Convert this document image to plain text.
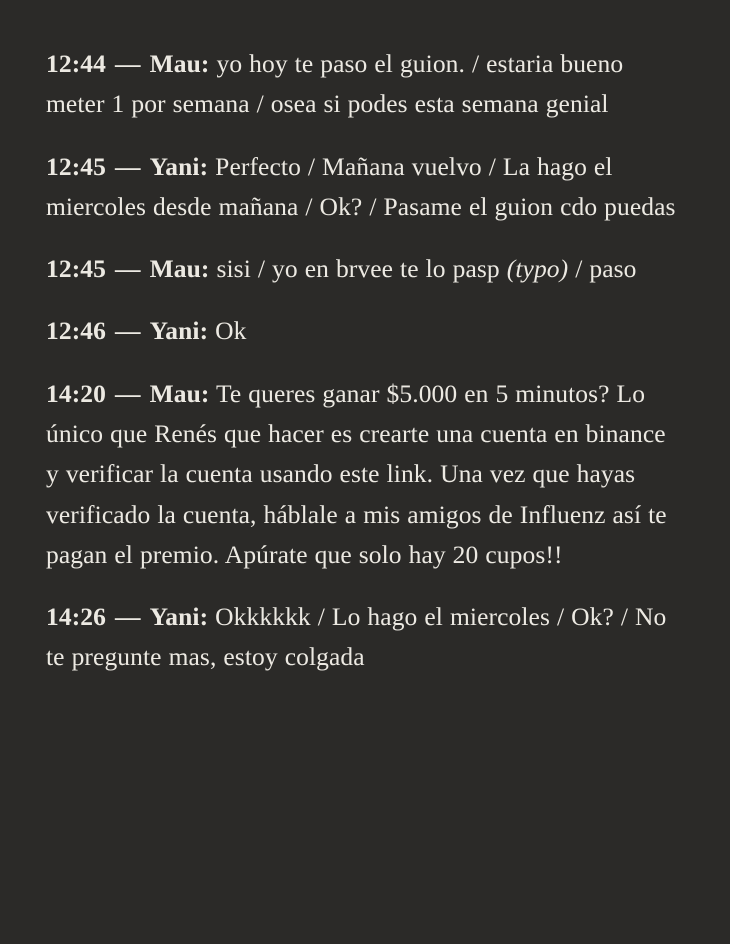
12:44 — Mau: yo hoy te paso el guion. / estaria bueno meter 1 por semana / osea si podes esta semana genial

12:45 — Yani: Perfecto / Mañana vuelvo / La hago el miercoles desde mañana / Ok? / Pasame el guion cdo puedas

12:45 — Mau: sisi / yo en brvee te lo pasp (typo) / paso

12:46 — Yani: Ok

14:20 — Mau: Te queres ganar $5.000 en 5 minutos? Lo único que Renés que hacer es crearte una cuenta en binance y verificar la cuenta usando este link. Una vez que hayas verificado la cuenta, háblale a mis amigos de Influenz así te pagan el premio. Apúrate que solo hay 20 cupos!!

14:26 — Yani: Okkkkkk / Lo hago el miercoles / Ok? / No te pregunte mas, estoy colgada
